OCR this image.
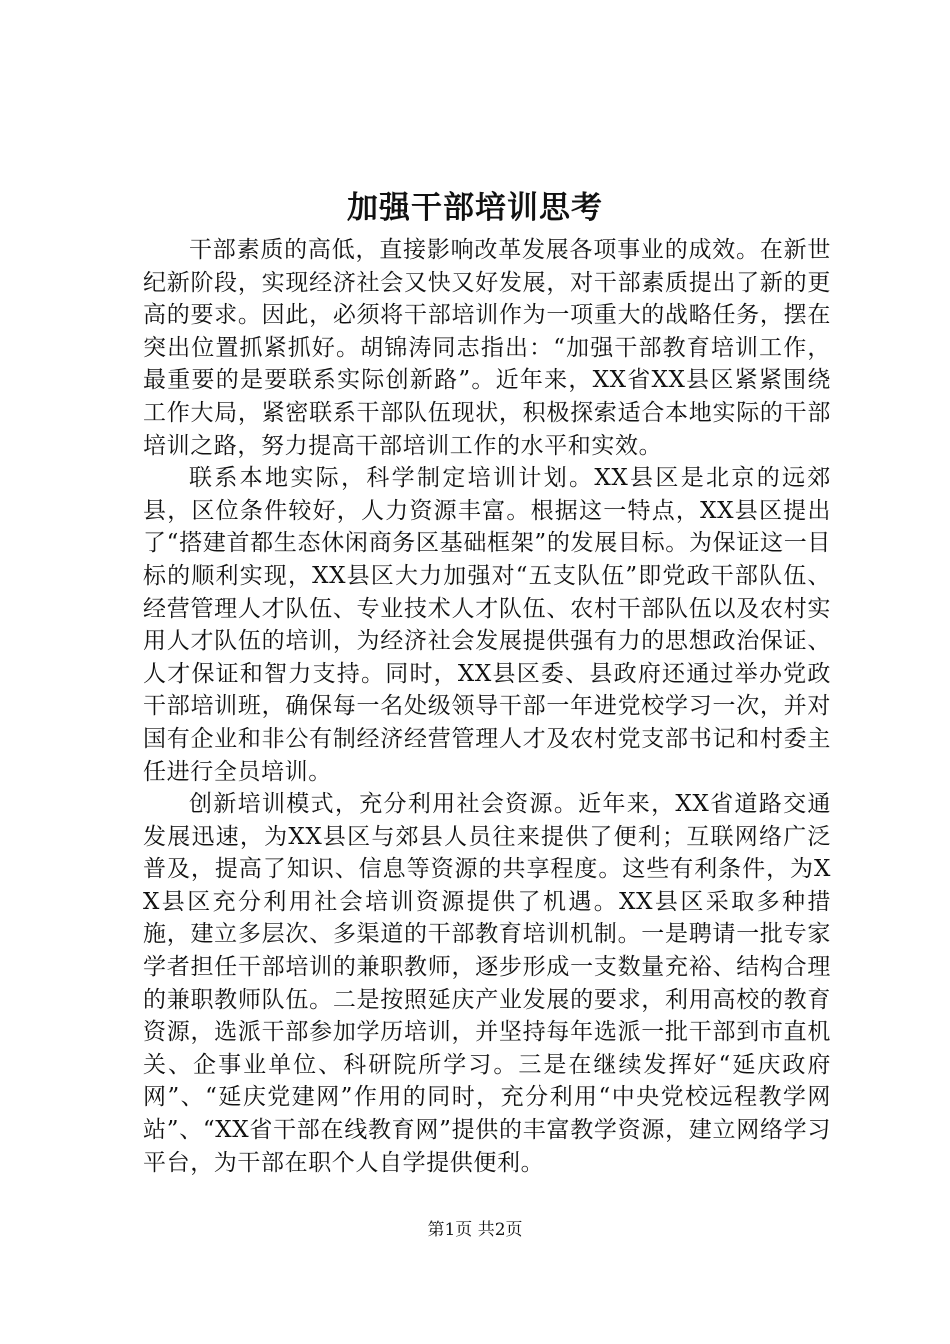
加强干部培训思考

干部素质的高低，直接影响改革发展各项事业的成效。在新世纪新阶段，实现经济社会又快又好发展，对干部素质提出了新的更高的要求。因此，必须将干部培训作为一项重大的战略任务，摆在突出位置抓紧抓好。胡锦涛同志指出：“加强干部教育培训工作，最重要的是要联系实际创新路”。近年来，XX省XX县区紧紧围绕工作大局，紧密联系干部队伍现状，积极探索适合本地实际的干部培训之路，努力提高干部培训工作的水平和实效。

联系本地实际，科学制定培训计划。XX县区是北京的远郊县，区位条件较好，人力资源丰富。根据这一特点，XX县区提出了“搭建首都生态休闲商务区基础框架”的发展目标。为保证这一目标的顺利实现，XX县区大力加强对“五支队伍”即党政干部队伍、经营管理人才队伍、专业技术人才队伍、农村干部队伍以及农村实用人才队伍的培训，为经济社会发展提供强有力的思想政治保证、人才保证和智力支持。同时，XX县区委、县政府还通过举办党政干部培训班，确保每一名处级领导干部一年进党校学习一次，并对国有企业和非公有制经济经营管理人才及农村党支部书记和村委主任进行全员培训。

创新培训模式，充分利用社会资源。近年来，XX省道路交通发展迅速，为XX县区与郊县人员往来提供了便利；互联网络广泛普及，提高了知识、信息等资源的共享程度。这些有利条件，为XX县区充分利用社会培训资源提供了机遇。XX县区采取多种措施，建立多层次、多渠道的干部教育培训机制。一是聘请一批专家学者担任干部培训的兼职教师，逐步形成一支数量充裕、结构合理的兼职教师队伍。二是按照延庆产业发展的要求，利用高校的教育资源，选派干部参加学历培训，并坚持每年选派一批干部到市直机关、企事业单位、科研院所学习。三是在继续发挥好“延庆政府网”、“延庆党建网”作用的同时，充分利用“中央党校远程教学网站”、“XX省干部在线教育网”提供的丰富教学资源，建立网络学习平台，为干部在职个人自学提供便利。

第1页 共2页
